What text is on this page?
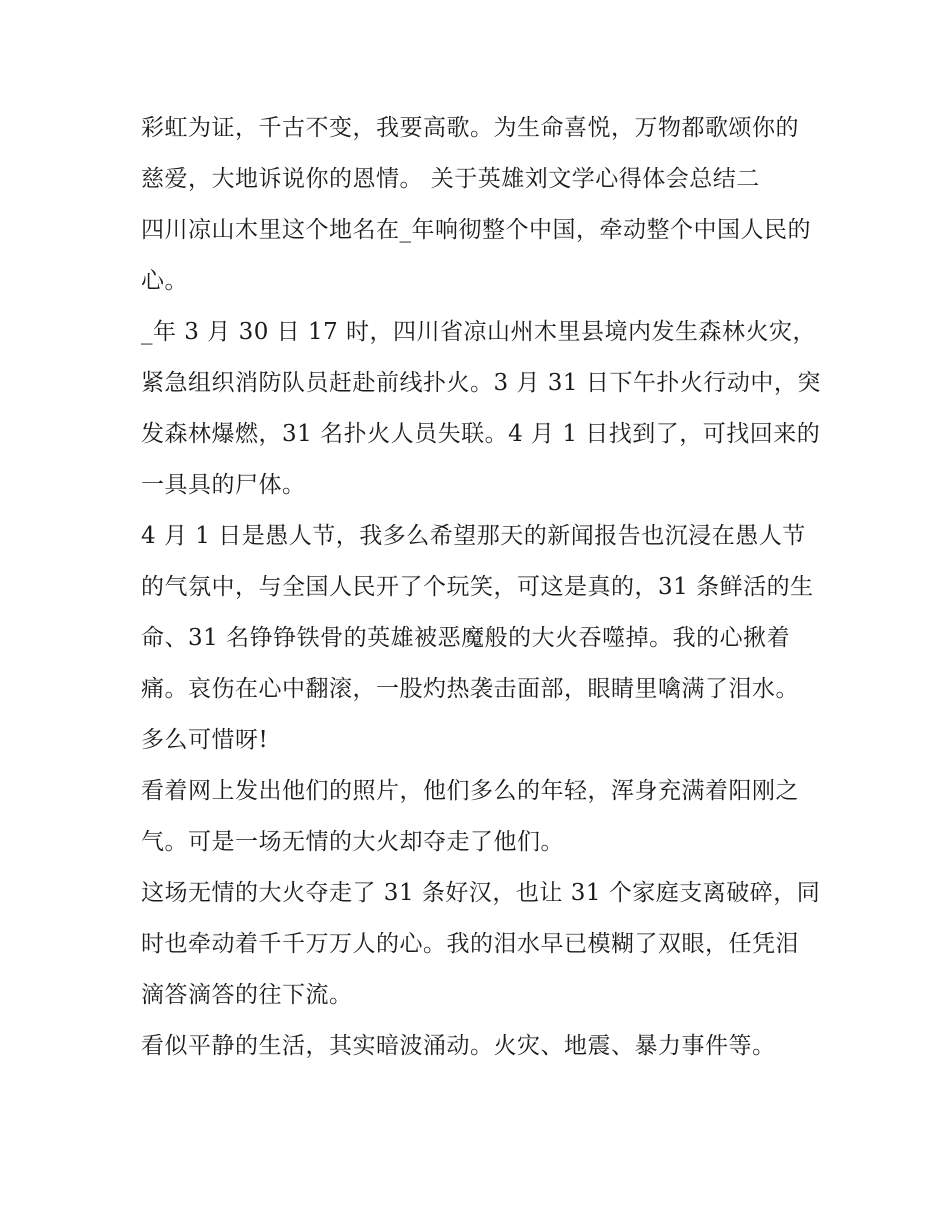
彩虹为证，千古不变，我要高歌。为生命喜悦，万物都歌颂你的慈爱，大地诉说你的恩情。 关于英雄刘文学心得体会总结二

四川凉山木里这个地名在_年响彻整个中国，牵动整个中国人民的心。

_年 3 月 30 日 17 时，四川省凉山州木里县境内发生森林火灾，紧急组织消防队员赶赴前线扑火。3 月 31 日下午扑火行动中，突发森林爆燃，31 名扑火人员失联。4 月 1 日找到了，可找回来的一具具的尸体。

4 月 1 日是愚人节，我多么希望那天的新闻报告也沉浸在愚人节的气氛中，与全国人民开了个玩笑，可这是真的，31 条鲜活的生命、31 名铮铮铁骨的英雄被恶魔般的大火吞噬掉。我的心揪着痛。哀伤在心中翻滚，一股灼热袭击面部，眼睛里噙满了泪水。多么可惜呀!

看着网上发出他们的照片，他们多么的年轻，浑身充满着阳刚之气。可是一场无情的大火却夺走了他们。

这场无情的大火夺走了 31 条好汉，也让 31 个家庭支离破碎，同时也牵动着千千万万人的心。我的泪水早已模糊了双眼，任凭泪滴答滴答的往下流。

看似平静的生活，其实暗波涌动。火灾、地震、暴力事件等。
